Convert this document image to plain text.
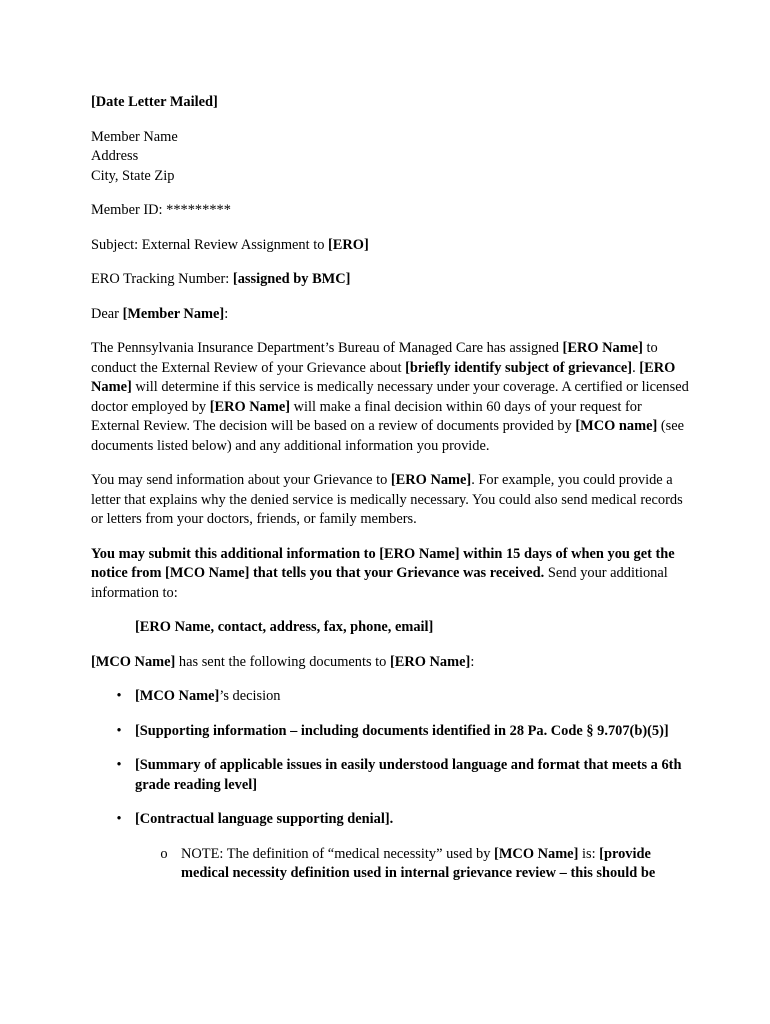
[Date Letter Mailed]

Member Name

Address

City, State Zip

Member ID: *********

Subject: External Review Assignment to [ERO]

ERO Tracking Number: [assigned by BMC]

Dear [Member Name]:

The Pennsylvania Insurance Department’s Bureau of Managed Care has assigned [ERO Name] to conduct the External Review of your Grievance about [briefly identify subject of grievance]. [ERO Name] will determine if this service is medically necessary under your coverage. A certified or licensed doctor employed by [ERO Name] will make a final decision within 60 days of your request for External Review. The decision will be based on a review of documents provided by [MCO name] (see documents listed below) and any additional information you provide.

You may send information about your Grievance to [ERO Name]. For example, you could provide a letter that explains why the denied service is medically necessary. You could also send medical records or letters from your doctors, friends, or family members.

You may submit this additional information to [ERO Name] within 15 days of when you get the notice from [MCO Name] that tells you that your Grievance was received. Send your additional information to:

[ERO Name, contact, address, fax, phone, email]

[MCO Name] has sent the following documents to [ERO Name]:

• [MCO Name]’s decision
• [Supporting information – including documents identified in 28 Pa. Code § 9.707(b)(5)]
• [Summary of applicable issues in easily understood language and format that meets a 6th grade reading level]
• [Contractual language supporting denial].

o NOTE: The definition of “medical necessity” used by [MCO Name] is: [provide medical necessity definition used in internal grievance review – this should be
